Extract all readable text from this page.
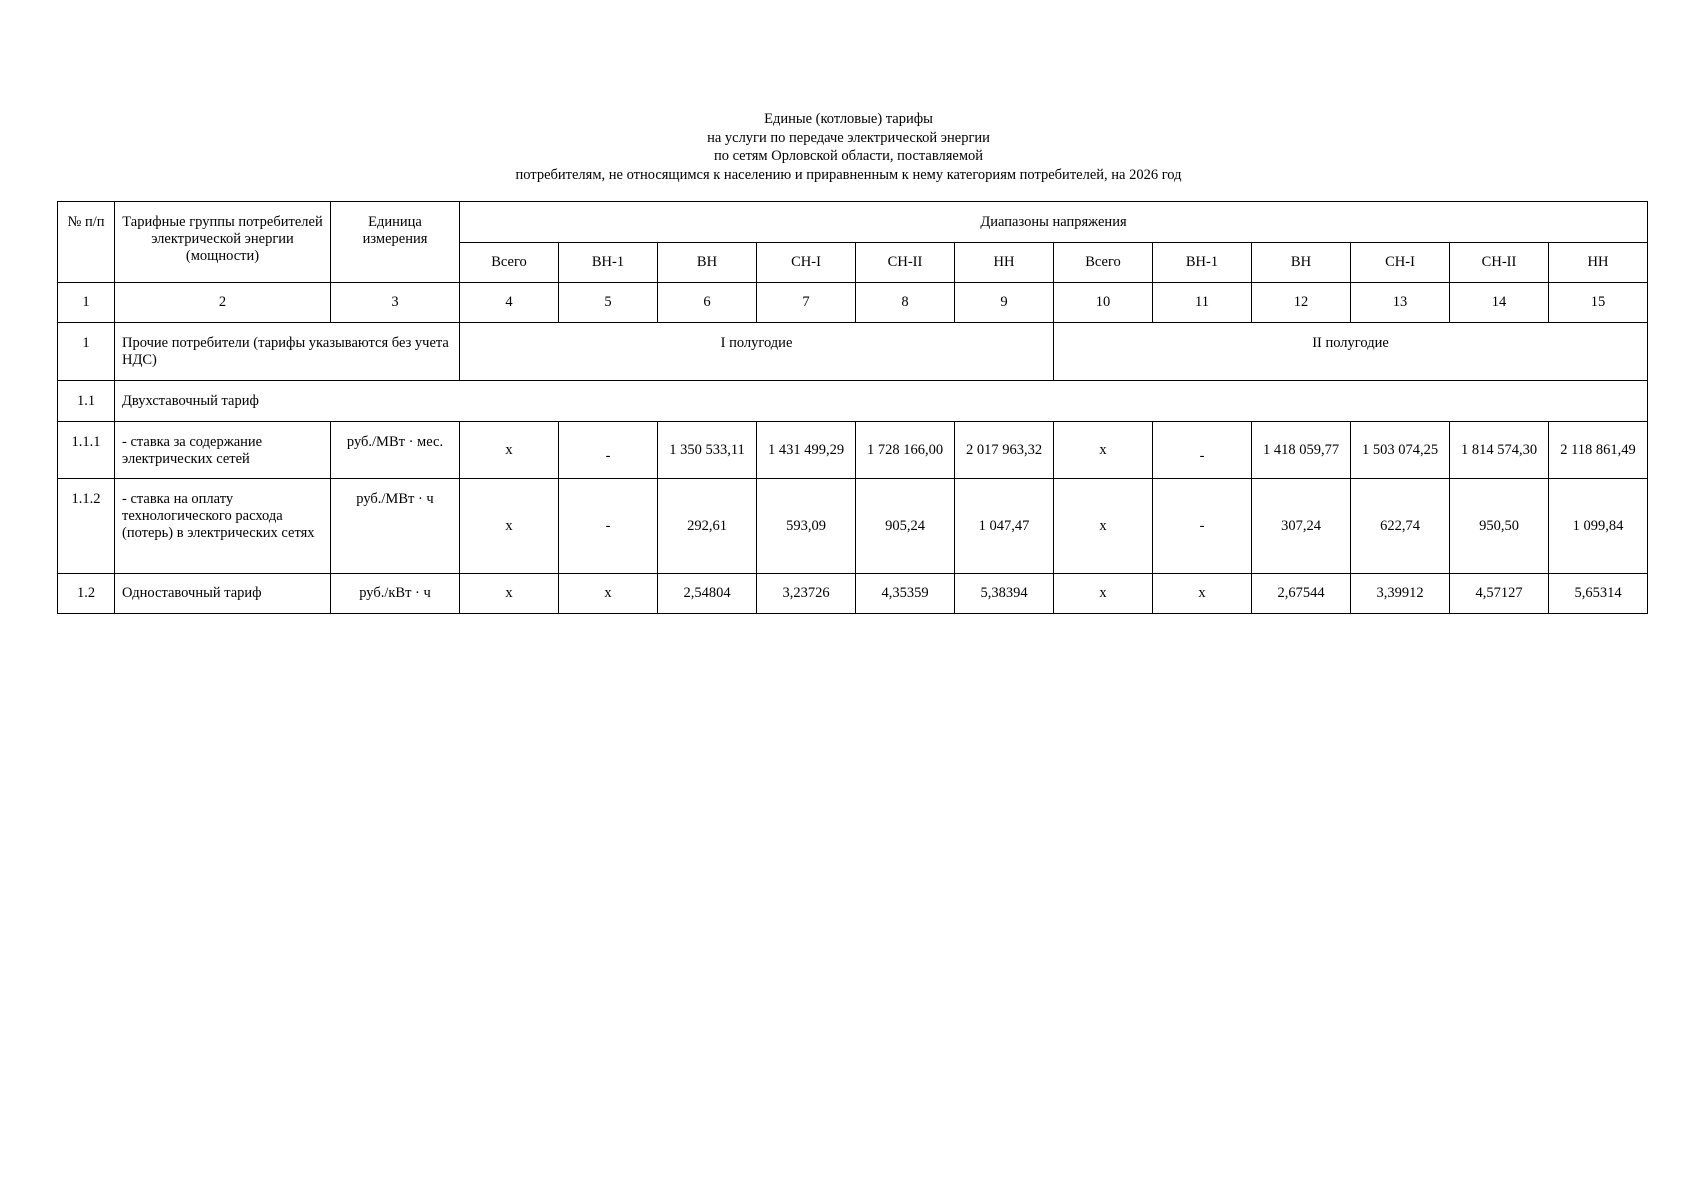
Единые (котловые) тарифы
на услуги по передаче электрической энергии
по сетям Орловской области, поставляемой
потребителям, не относящимся к населению и приравненным к нему категориям потребителей, на 2026 год
№ п/п	Тарифные группы потребителей электрической энергии (мощности)	Единица измерения	Диапазоны напряжения											
			Всего	ВН-1	ВН	СН-I	СН-II	НН	Всего	ВН-1	ВН	СН-I	СН-II	НН
1	2	3	4	5	6	7	8	9	10	11	12	13	14	15
1	Прочие потребители (тарифы указываются без учета НДС)		I полугодие						II полугодие					
1.1	Двухставочный тариф													
1.1.1	- ставка за содержание электрических сетей	руб./МВт · мес.	х	-	1 350 533,11	1 431 499,29	1 728 166,00	2 017 963,32	х	-	1 418 059,77	1 503 074,25	1 814 574,30	2 118 861,49
1.1.2	- ставка на оплату технологического расхода (потерь) в электрических сетях	руб./МВт · ч	х	-	292,61	593,09	905,24	1 047,47	х	-	307,24	622,74	950,50	1 099,84
1.2	Одноставочный тариф	руб./кВт · ч	х	х	2,54804	3,23726	4,35359	5,38394	х	х	2,67544	3,39912	4,57127	5,65314
